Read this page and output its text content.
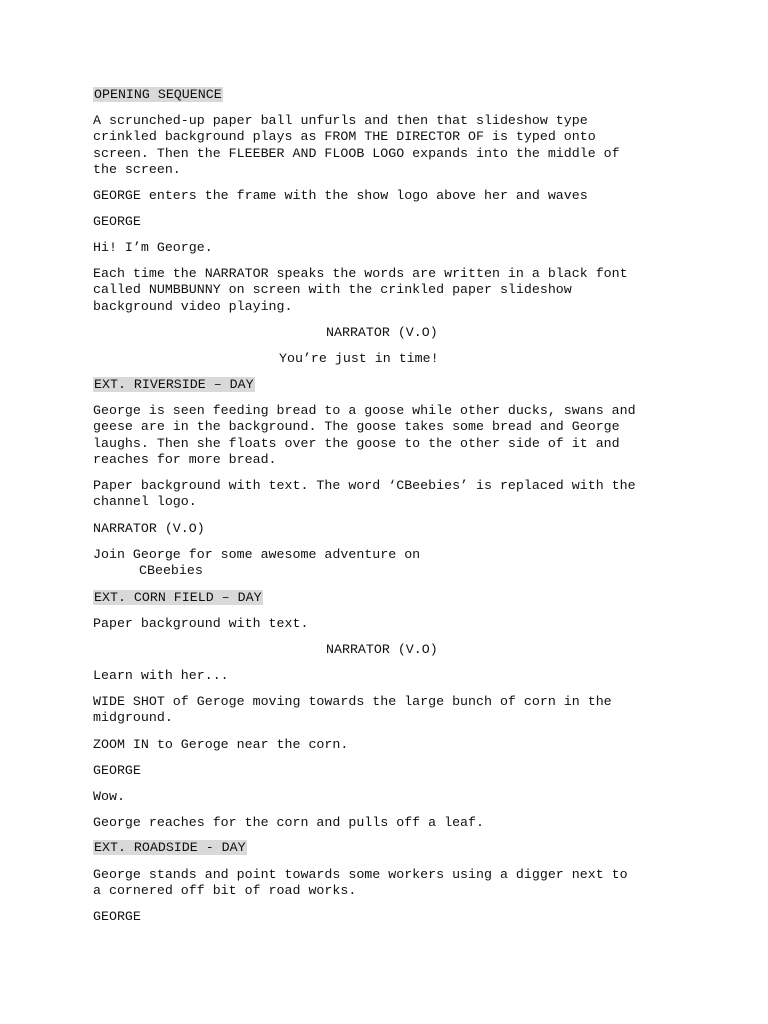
OPENING SEQUENCE
A scrunched-up paper ball unfurls and then that slideshow type
crinkled background plays as FROM THE DIRECTOR OF is typed onto
screen. Then the FLEEBER AND FLOOB LOGO expands into the middle of
the screen.
GEORGE enters the frame with the show logo above her and waves
GEORGE
Hi! I’m George.
Each time the NARRATOR speaks the words are written in a black font
called NUMBBUNNY on screen with the crinkled paper slideshow
background video playing.
NARRATOR (V.O)
You’re just in time!
EXT. RIVERSIDE – DAY
George is seen feeding bread to a goose while other ducks, swans and
geese are in the background. The goose takes some bread and George
laughs. Then she floats over the goose to the other side of it and
reaches for more bread.
Paper background with text. The word ‘CBeebies’ is replaced with the
channel logo.
NARRATOR (V.O)
Join George for some awesome adventure on
CBeebies
EXT. CORN FIELD – DAY
Paper background with text.
NARRATOR (V.O)
Learn with her...
WIDE SHOT of Geroge moving towards the large bunch of corn in the
midground.
ZOOM IN to Geroge near the corn.
GEORGE
Wow.
George reaches for the corn and pulls off a leaf.
EXT. ROADSIDE - DAY
George stands and point towards some workers using a digger next to
a cornered off bit of road works.
GEORGE
